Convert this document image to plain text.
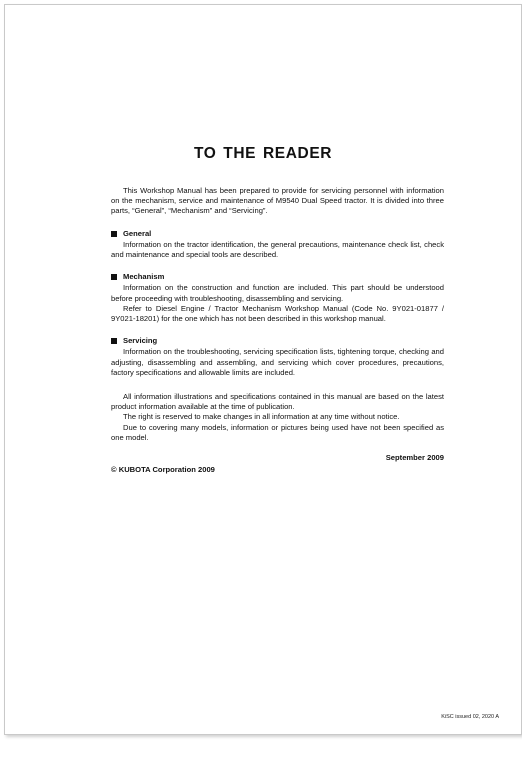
TO THE READER

This Workshop Manual has been prepared to provide for servicing personnel with information on the mechanism, service and maintenance of M9540 Dual Speed tractor. It is divided into three parts, “General”, “Mechanism” and “Servicing”.

General

Information on the tractor identification, the general precautions, maintenance check list, check and maintenance and special tools are described.

Mechanism

Information on the construction and function are included. This part should be understood before proceeding with troubleshooting, disassembling and servicing.

Refer to Diesel Engine / Tractor Mechanism Workshop Manual (Code No. 9Y021-01877 / 9Y021-18201) for the one which has not been described in this workshop manual.

Servicing

Information on the troubleshooting, servicing specification lists, tightening torque, checking and adjusting, disassembling and assembling, and servicing which cover procedures, precautions, factory specifications and allowable limits are included.

All information illustrations and specifications contained in this manual are based on the latest product information available at the time of publication.

The right is reserved to make changes in all information at any time without notice.

Due to covering many models, information or pictures being used have not been specified as one model.

September 2009
© KUBOTA Corporation 2009
KiSC issued 02, 2020 A
